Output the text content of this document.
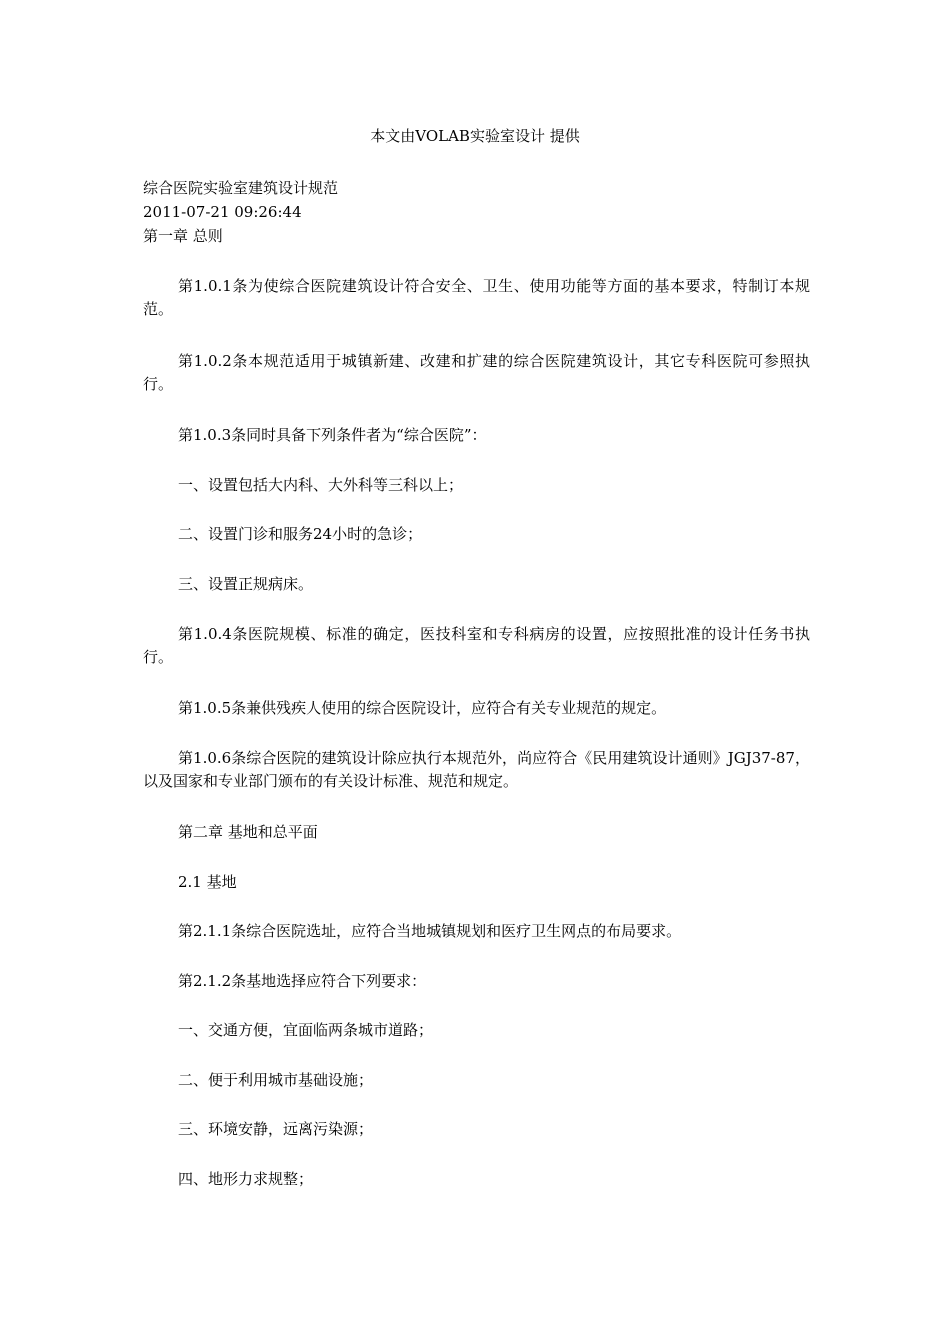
本文由VOLAB实验室设计 提供
综合医院实验室建筑设计规范
2011-07-21 09:26:44
第一章 总则
第1.0.1条为使综合医院建筑设计符合安全、卫生、使用功能等方面的基本要求，特制订本规范。
第1.0.2条本规范适用于城镇新建、改建和扩建的综合医院建筑设计，其它专科医院可参照执行。
第1.0.3条同时具备下列条件者为“综合医院”：
一、设置包括大内科、大外科等三科以上；
二、设置门诊和服务24小时的急诊；
三、设置正规病床。
第1.0.4条医院规模、标准的确定，医技科室和专科病房的设置，应按照批准的设计任务书执行。
第1.0.5条兼供残疾人使用的综合医院设计，应符合有关专业规范的规定。
第1.0.6条综合医院的建筑设计除应执行本规范外，尚应符合《民用建筑设计通则》JGJ37-87，以及国家和专业部门颁布的有关设计标准、规范和规定。
第二章 基地和总平面
2.1 基地
第2.1.1条综合医院选址，应符合当地城镇规划和医疗卫生网点的布局要求。
第2.1.2条基地选择应符合下列要求：
一、交通方便，宜面临两条城市道路；
二、便于利用城市基础设施；
三、环境安静，远离污染源；
四、地形力求规整；
